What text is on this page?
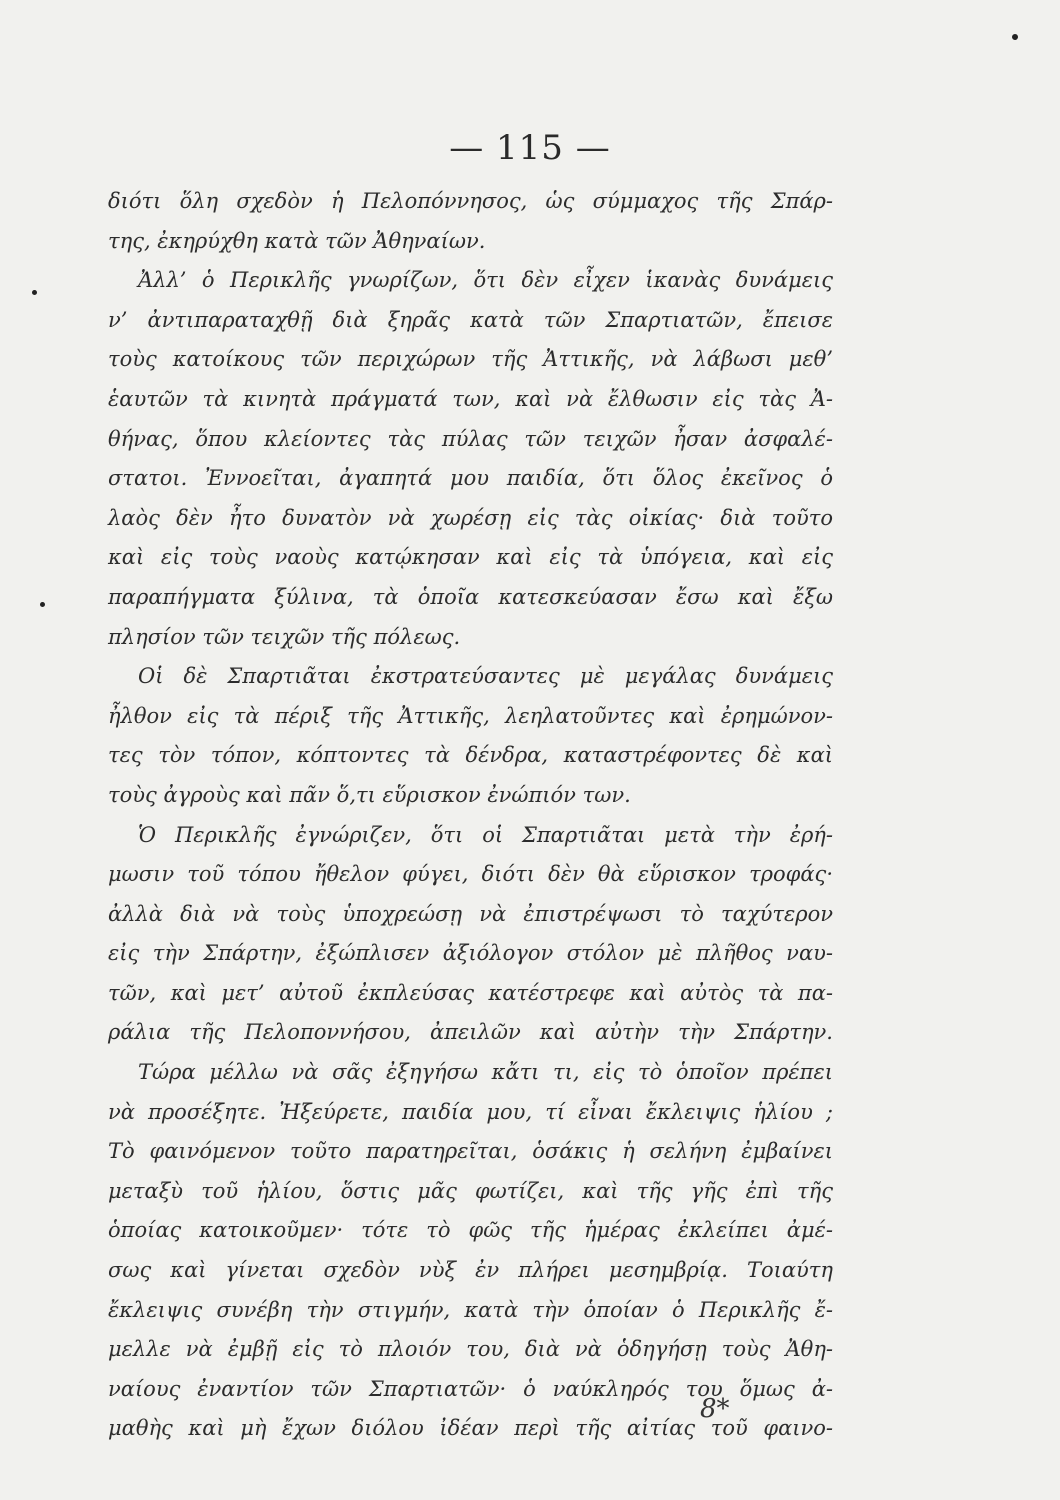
— 115 —
διότι ὅλη σχεδὸν ἡ Πελοπόννησος, ὡς σύμμαχος τῆς Σπάρ-
της, ἐκηρύχθη κατὰ τῶν Ἀθηναίων.
Ἀλλ’ ὁ Περικλῆς γνωρίζων, ὅτι δὲν εἶχεν ἱκανὰς δυνάμεις
ν’ ἀντιπαραταχθῇ διὰ ξηρᾶς κατὰ τῶν Σπαρτιατῶν, ἔπεισε
τοὺς κατοίκους τῶν περιχώρων τῆς Ἀττικῆς, νὰ λάβωσι μεθ’
ἑαυτῶν τὰ κινητὰ πράγματά των, καὶ νὰ ἔλθωσιν εἰς τὰς Ἀ-
θήνας, ὅπου κλείοντες τὰς πύλας τῶν τειχῶν ἦσαν ἀσφαλέ-
στατοι. Ἐννοεῖται, ἀγαπητά μου παιδία, ὅτι ὅλος ἐκεῖνος ὁ
λαὸς δὲν ἦτο δυνατὸν νὰ χωρέσῃ εἰς τὰς οἰκίας· διὰ τοῦτο
καὶ εἰς τοὺς ναοὺς κατῴκησαν καὶ εἰς τὰ ὑπόγεια, καὶ εἰς
παραπήγματα ξύλινα, τὰ ὁποῖα κατεσκεύασαν ἔσω καὶ ἔξω
πλησίον τῶν τειχῶν τῆς πόλεως.
Οἱ δὲ Σπαρτιᾶται ἐκστρατεύσαντες μὲ μεγάλας δυνάμεις
ἦλθον εἰς τὰ πέριξ τῆς Ἀττικῆς, λεηλατοῦντες καὶ ἐρημώνον-
τες τὸν τόπον, κόπτοντες τὰ δένδρα, καταστρέφοντες δὲ καὶ
τοὺς ἀγροὺς καὶ πᾶν ὅ,τι εὕρισκον ἐνώπιόν των.
Ὁ Περικλῆς ἐγνώριζεν, ὅτι οἱ Σπαρτιᾶται μετὰ τὴν ἐρή-
μωσιν τοῦ τόπου ἤθελον φύγει, διότι δὲν θὰ εὕρισκον τροφάς·
ἀλλὰ διὰ νὰ τοὺς ὑποχρεώσῃ νὰ ἐπιστρέψωσι τὸ ταχύτερον
εἰς τὴν Σπάρτην, ἐξώπλισεν ἀξιόλογον στόλον μὲ πλῆθος ναυ-
τῶν, καὶ μετ’ αὐτοῦ ἐκπλεύσας κατέστρεφε καὶ αὐτὸς τὰ πα-
ράλια τῆς Πελοποννήσου, ἀπειλῶν καὶ αὐτὴν τὴν Σπάρτην.
Τώρα μέλλω νὰ σᾶς ἐξηγήσω κἄτι τι, εἰς τὸ ὁποῖον πρέπει
νὰ προσέξητε. Ἠξεύρετε, παιδία μου, τί εἶναι ἔκλειψις ἡλίου ;
Τὸ φαινόμενον τοῦτο παρατηρεῖται, ὁσάκις ἡ σελήνη ἐμβαίνει
μεταξὺ τοῦ ἡλίου, ὅστις μᾶς φωτίζει, καὶ τῆς γῆς ἐπὶ τῆς
ὁποίας κατοικοῦμεν· τότε τὸ φῶς τῆς ἡμέρας ἐκλείπει ἀμέ-
σως καὶ γίνεται σχεδὸν νὺξ ἐν πλήρει μεσημβρίᾳ. Τοιαύτη
ἔκλειψις συνέβη τὴν στιγμήν, κατὰ τὴν ὁποίαν ὁ Περικλῆς ἔ-
μελλε νὰ ἐμβῇ εἰς τὸ πλοιόν του, διὰ νὰ ὁδηγήσῃ τοὺς Ἀθη-
ναίους ἐναντίον τῶν Σπαρτιατῶν· ὁ ναύκληρός του ὅμως ἀ-
μαθὴς καὶ μὴ ἔχων διόλου ἰδέαν περὶ τῆς αἰτίας τοῦ φαινο-
8*
